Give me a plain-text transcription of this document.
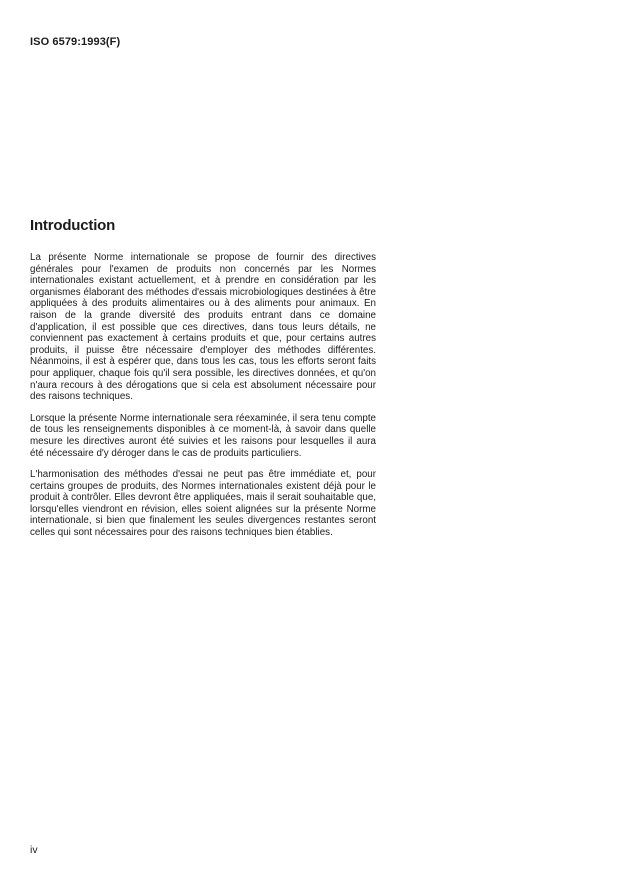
ISO 6579:1993(F)
Introduction

La présente Norme internationale se propose de fournir des directives générales pour l'examen de produits non concernés par les Normes internationales existant actuellement, et à prendre en considération par les organismes élaborant des méthodes d'essais microbiologiques destinées à être appliquées à des produits alimentaires ou à des aliments pour animaux. En raison de la grande diversité des produits entrant dans ce domaine d'application, il est possible que ces directives, dans tous leurs détails, ne conviennent pas exactement à certains produits et que, pour certains autres produits, il puisse être nécessaire d'employer des méthodes différentes. Néanmoins, il est à espérer que, dans tous les cas, tous les efforts seront faits pour appliquer, chaque fois qu'il sera possible, les directives données, et qu'on n'aura recours à des dérogations que si cela est absolument nécessaire pour des raisons techniques.

Lorsque la présente Norme internationale sera réexaminée, il sera tenu compte de tous les renseignements disponibles à ce moment-là, à savoir dans quelle mesure les directives auront été suivies et les raisons pour lesquelles il aura été nécessaire d'y déroger dans le cas de produits particuliers.

L'harmonisation des méthodes d'essai ne peut pas être immédiate et, pour certains groupes de produits, des Normes internationales existent déjà pour le produit à contrôler. Elles devront être appliquées, mais il serait souhaitable que, lorsqu'elles viendront en révision, elles soient alignées sur la présente Norme internationale, si bien que finalement les seules divergences restantes seront celles qui sont nécessaires pour des raisons techniques bien établies.

iv
